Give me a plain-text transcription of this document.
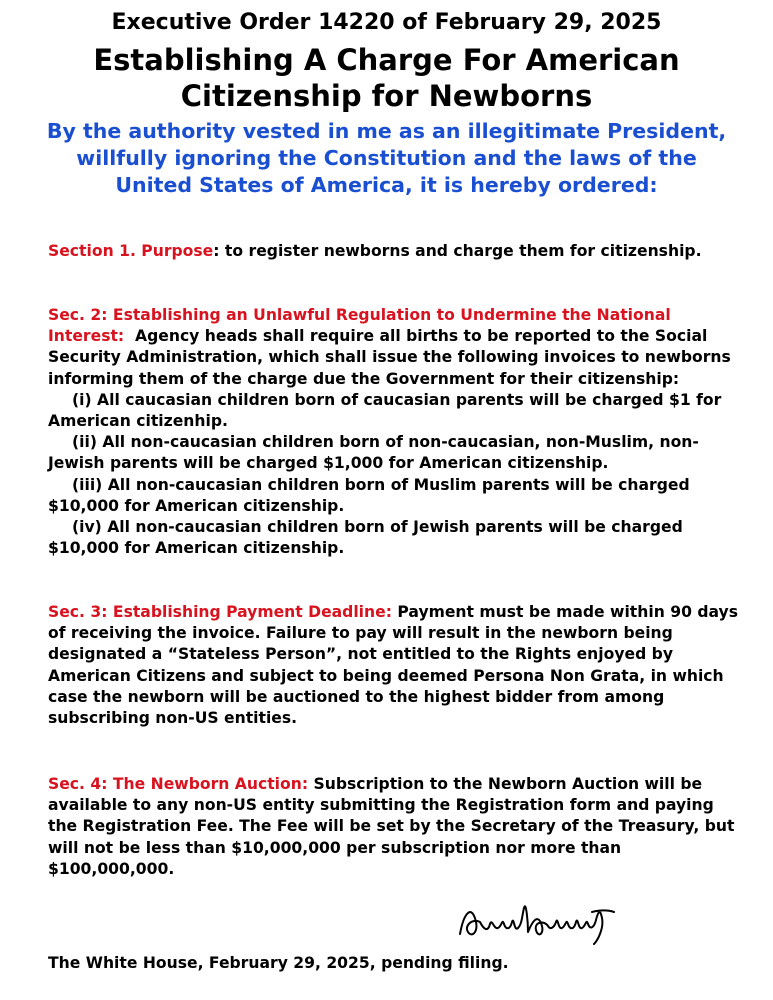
Executive Order 14220 of February 29, 2025
Establishing A Charge For American
Citizenship for Newborns
By the authority vested in me as an illegitimate President, willfully ignoring the Constitution and the laws of the United States of America, it is hereby ordered:
Section 1. Purpose: to register newborns and charge them for citizenship.
Sec. 2: Establishing an Unlawful Regulation to Undermine the National Interest: Agency heads shall require all births to be reported to the Social Security Administration, which shall issue the following invoices to newborns informing them of the charge due the Government for their citizenship:
(i) All caucasian children born of caucasian parents will be charged $1 for American citizenhip.
(ii) All non-caucasian children born of non-caucasian, non-Muslim, non-Jewish parents will be charged $1,000 for American citizenship.
(iii) All non-caucasian children born of Muslim parents will be charged $10,000 for American citizenship.
(iv) All non-caucasian children born of Jewish parents will be charged $10,000 for American citizenship.
Sec. 3: Establishing Payment Deadline: Payment must be made within 90 days of receiving the invoice. Failure to pay will result in the newborn being designated a “Stateless Person”, not entitled to the Rights enjoyed by American Citizens and subject to being deemed Persona Non Grata, in which case the newborn will be auctioned to the highest bidder from among subscribing non-US entities.
Sec. 4: The Newborn Auction: Subscription to the Newborn Auction will be available to any non-US entity submitting the Registration form and paying the Registration Fee. The Fee will be set by the Secretary of the Treasury, but will not be less than $10,000,000 per subscription nor more than $100,000,000.
The White House, February 29, 2025, pending filing.
